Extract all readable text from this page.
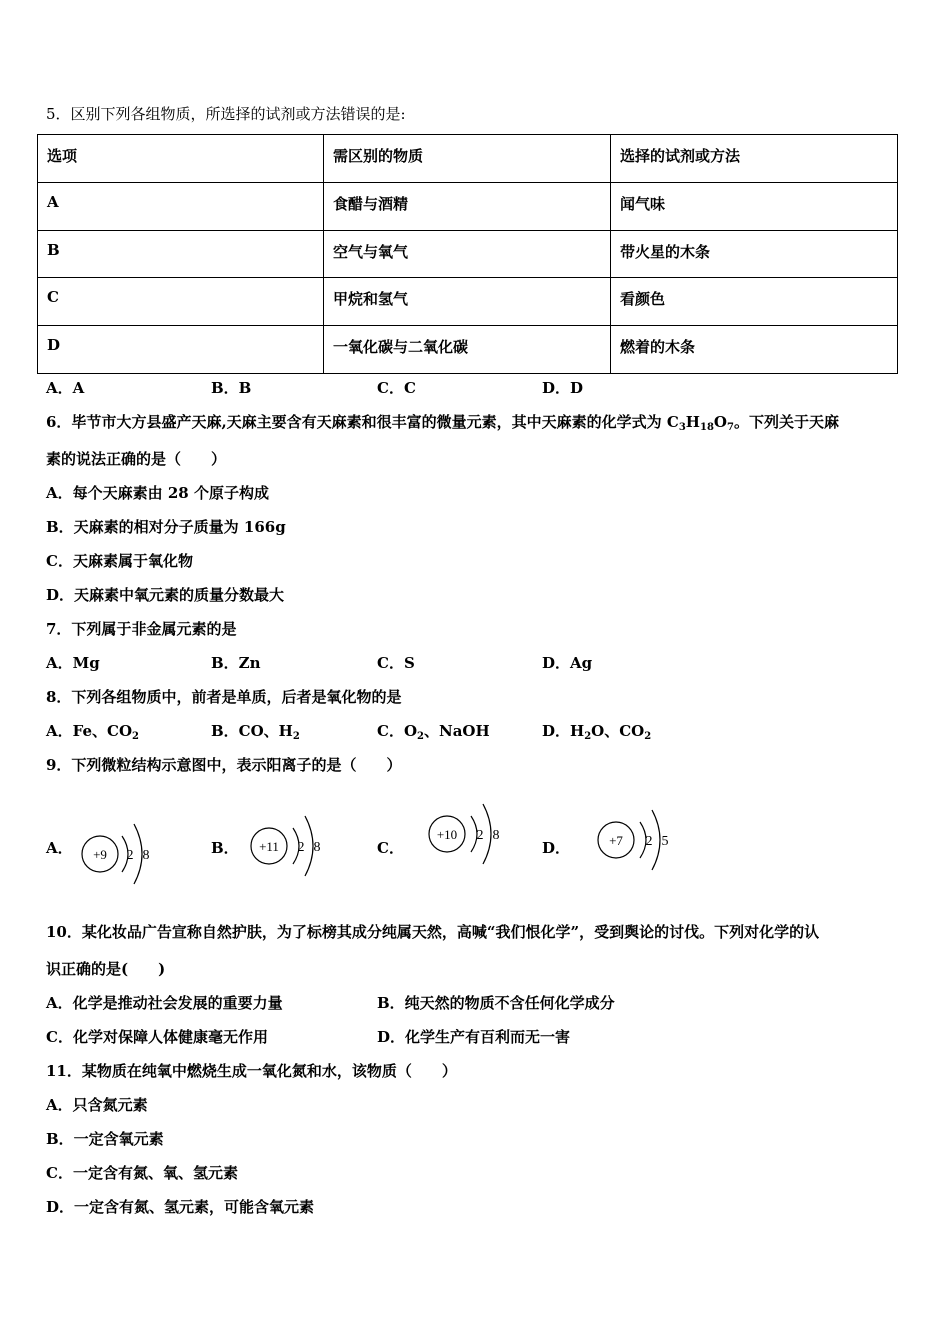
5．区别下列各组物质，所选择的试剂或方法错误的是:
选项	需区别的物质	选择的试剂或方法
A	食醋与酒精	闻气味
B	空气与氧气	带火星的木条
C	甲烷和氢气	看颜色
D	一氧化碳与二氧化碳	燃着的木条
A．A	B．B	C．C	D．D
6．毕节市大方县盛产天麻,天麻主要含有天麻素和很丰富的微量元素，其中天麻素的化学式为 $C_3H_{18}O_7$。下列关于天麻
素的说法正确的是（　　）
A．每个天麻素由 28 个原子构成
B．天麻素的相对分子质量为 166g
C．天麻素属于氧化物
D．天麻素中氧元素的质量分数最大
7．下列属于非金属元素的是
A．Mg	B．Zn	C．S	D．Ag
8．下列各组物质中，前者是单质，后者是氧化物的是
A．Fe、$CO_2$	B．CO、$H_2$	C．$O_2$、NaOH	D．$H_2O$、$CO_2$
9．下列微粒结构示意图中，表示阳离子的是（　　）
A． +9 2 8	B． +11 2 8	C．
+10 2 8
D．	+7 2 5
10．某化妆品广告宣称自然护肤，为了标榜其成分纯属天然，高喊“我们恨化学”，受到舆论的讨伐。下列对化学的认
识正确的是(　　)
A．化学是推动社会发展的重要力量	B．纯天然的物质不含任何化学成分
C．化学对保障人体健康毫无作用	D．化学生产有百利而无一害
11．某物质在纯氧中燃烧生成一氧化氮和水，该物质（　　）
A．只含氮元素
B．一定含氧元素
C．一定含有氮、氧、氢元素
D．一定含有氮、氢元素，可能含氧元素
